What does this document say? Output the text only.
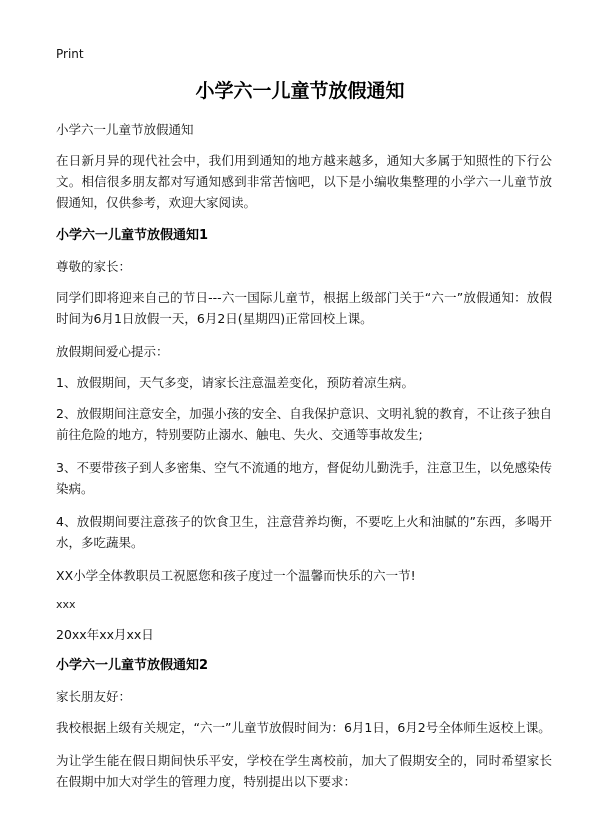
Print
小学六一儿童节放假通知
小学六一儿童节放假通知
在日新月异的现代社会中，我们用到通知的地方越来越多，通知大多属于知照性的下行公文。相信很多朋友都对写通知感到非常苦恼吧，以下是小编收集整理的小学六一儿童节放假通知，仅供参考，欢迎大家阅读。
小学六一儿童节放假通知1
尊敬的家长：
同学们即将迎来自己的节日---六一国际儿童节，根据上级部门关于“六一”放假通知：放假时间为6月1日放假一天，6月2日(星期四)正常回校上课。
放假期间爱心提示：
1、放假期间，天气多变，请家长注意温差变化，预防着凉生病。
2、放假期间注意安全，加强小孩的安全、自我保护意识、文明礼貌的教育，不让孩子独自前往危险的地方，特别要防止溺水、触电、失火、交通等事故发生;
3、不要带孩子到人多密集、空气不流通的地方，督促幼儿勤洗手，注意卫生，以免感染传染病。
4、放假期间要注意孩子的饮食卫生，注意营养均衡，不要吃上火和油腻的”东西，多喝开水，多吃蔬果。
XX小学全体教职员工祝愿您和孩子度过一个温馨而快乐的六一节!
xxx
20xx年xx月xx日
小学六一儿童节放假通知2
家长朋友好：
我校根据上级有关规定，“六一”儿童节放假时间为：6月1日，6月2号全体师生返校上课。
为让学生能在假日期间快乐平安，学校在学生离校前，加大了假期安全的，同时希望家长在假期中加大对学生的管理力度，特别提出以下要求：
